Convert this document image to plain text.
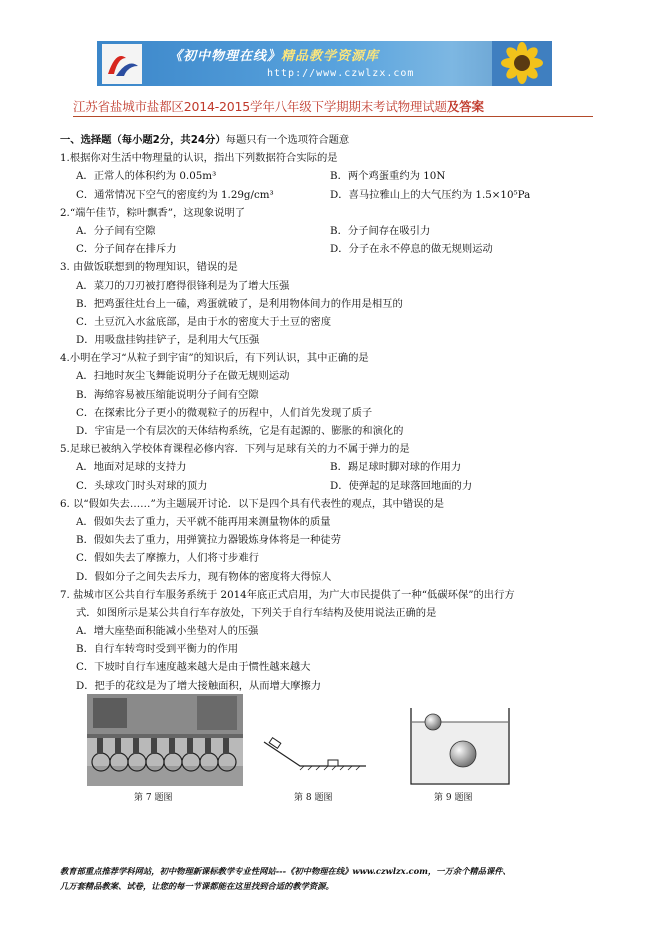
《初中物理在线》精品教学资源库
http://www.czwlzx.com
江苏省盐城市盐都区2014-2015学年八年级下学期期末考试物理试题及答案
一、选择题（每小题2分，共24分）每题只有一个选项符合题意
1.根据你对生活中物理量的认识，指出下列数据符合实际的是
A．正常人的体积约为 0.05m³	B．两个鸡蛋重约为 10N
C．通常情况下空气的密度约为 1.29g/cm³	D．喜马拉雅山上的大气压约为 1.5×10⁵Pa
2.“端午佳节，粽叶飘香”，这现象说明了
A．分子间有空隙	B．分子间存在吸引力
C．分子间存在排斥力	D．分子在永不停息的做无规则运动
3. 由做饭联想到的物理知识，错误的是
A．菜刀的刀刃被打磨得很锋利是为了增大压强
B．把鸡蛋往灶台上一磕，鸡蛋就破了，是利用物体间力的作用是相互的
C．土豆沉入水盆底部，是由于水的密度大于土豆的密度
D．用吸盘挂钩挂铲子，是利用大气压强
4.小明在学习“从粒子到宇宙”的知识后，有下列认识，其中正确的是
A．扫地时灰尘飞舞能说明分子在做无规则运动
B．海绵容易被压缩能说明分子间有空隙
C．在探索比分子更小的微观粒子的历程中，人们首先发现了质子
D．宇宙是一个有层次的天体结构系统，它是有起源的、膨胀的和演化的
5.足球已被纳入学校体育课程必修内容．下列与足球有关的力不属于弹力的是
A．地面对足球的支持力	B．踢足球时脚对球的作用力
C．头球攻门时头对球的顶力	D．使弹起的足球落回地面的力
6. 以“假如失去……”为主题展开讨论．以下是四个具有代表性的观点，其中错误的是
A．假如失去了重力，天平就不能再用来测量物体的质量
B．假如失去了重力，用弹簧拉力器锻炼身体将是一种徒劳
C．假如失去了摩擦力，人们将寸步难行
D．假如分子之间失去斥力，现有物体的密度将大得惊人
7. 盐城市区公共自行车服务系统于 2014年底正式启用，为广大市民提供了一种“低碳环保”的出行方
式．如图所示是某公共自行车存放处，下列关于自行车结构及使用说法正确的是
A．增大座垫面积能减小坐垫对人的压强
B．自行车转弯时受到平衡力的作用
C．下坡时自行车速度越来越大是由于惯性越来越大
D．把手的花纹是为了增大接触面积，从而增大摩擦力
第 7 题图	第 8 题图	第 9 题图
教育部重点推荐学科网站，初中物理新课标教学专业性网站---《初中物理在线》www.czwlzx.com，一万余个精品课件、
几万套精品教案、试卷，让您的每一节课都能在这里找到合适的教学资源。
